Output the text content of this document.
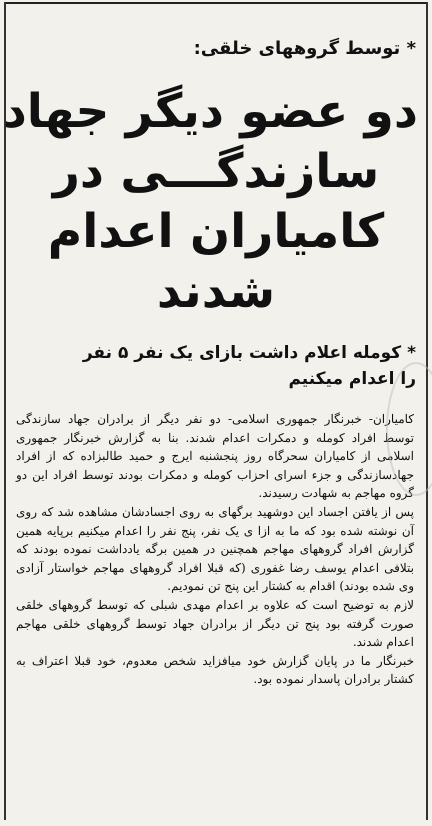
* توسط گروههای خلقی:
دو عضو دیگر جهاد
سازندگـــی در
کامیاران اعدام
شدند
* کومله اعلام داشت بازای یک نفر ۵ نفر
را اعدام میکنیم

کامیاران- خبرنگار جمهوری اسلامی- دو نفر دیگر از برادران جهاد سازندگی توسط افراد کومله و دمکرات اعدام شدند. بنا به گزارش خبرنگار جمهوری اسلامی از کامیاران سحرگاه روز پنجشنبه ایرج و حمید طالبزاده که از افراد جهادسازندگی و جزء اسرای احزاب کومله و دمکرات بودند توسط افراد این دو گروه مهاجم به شهادت رسیدند.

پس از یافتن اجساد این دوشهید برگهای به روی اجسادشان مشاهده شد که روی آن نوشته شده بود که ما به ازا ی یک نفر، پنج نفر را اعدام میکنیم برپایه همین گزارش افراد گروههای مهاجم همچنین در همین برگه یادداشت نموده بودند که بتلافی اعدام یوسف رضا غفوری (که قبلا افراد گروههای مهاجم خواستار آزادی وی شده بودند) اقدام به کشتار این پنج تن نمودیم.

لازم به توضیح است که علاوه بر اعدام مهدی شبلی که توسط گروههای خلقی صورت گرفته بود پنج تن دیگر از برادران جهاد توسط گروههای خلقی مهاجم اعدام شدند.

خبرنگار ما در پایان گزارش خود میافزاید شخص معدوم، خود قبلا اعتراف به کشتار برادران پاسدار نموده بود.
